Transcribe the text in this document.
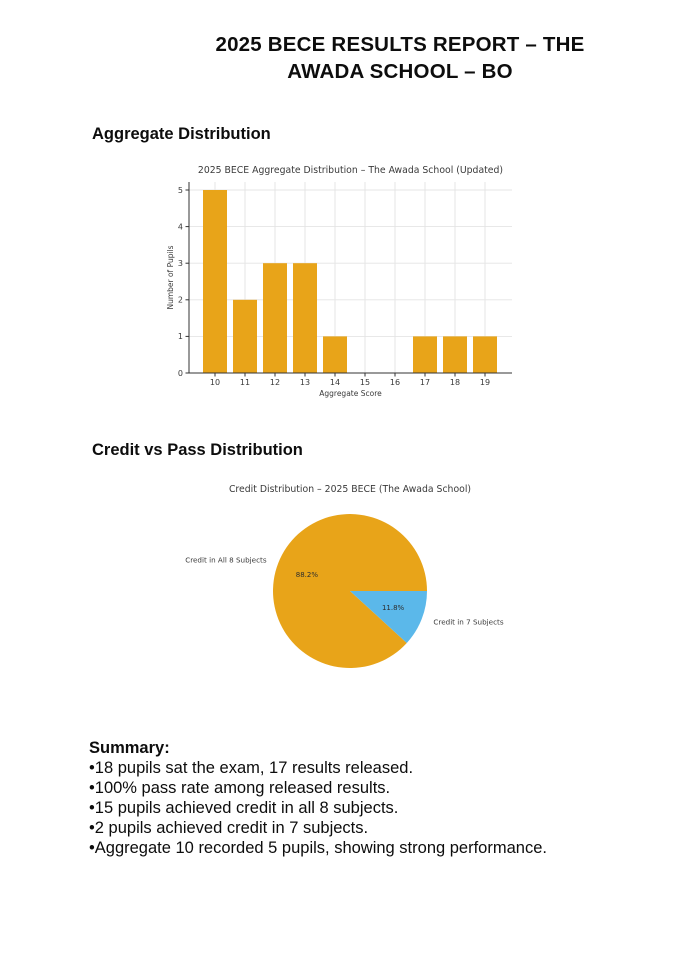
2025 BECE RESULTS REPORT – THE
AWADA SCHOOL – BO
Aggregate Distribution
0
1
2
3
4
5
10 11 12 13 14 15 16 17 18 19
2025 BECE Aggregate Distribution – The Awada School (Updated)
Aggregate Score
Number of Pupils
Credit vs Pass Distribution
Credit Distribution – 2025 BECE (The Awada School)
88.2%
Credit in All 8 Subjects
11.8%
Credit in 7 Subjects
Summary:
•18 pupils sat the exam, 17 results released.
•100% pass rate among released results.
•15 pupils achieved credit in all 8 subjects.
•2 pupils achieved credit in 7 subjects.
•Aggregate 10 recorded 5 pupils, showing strong performance.
